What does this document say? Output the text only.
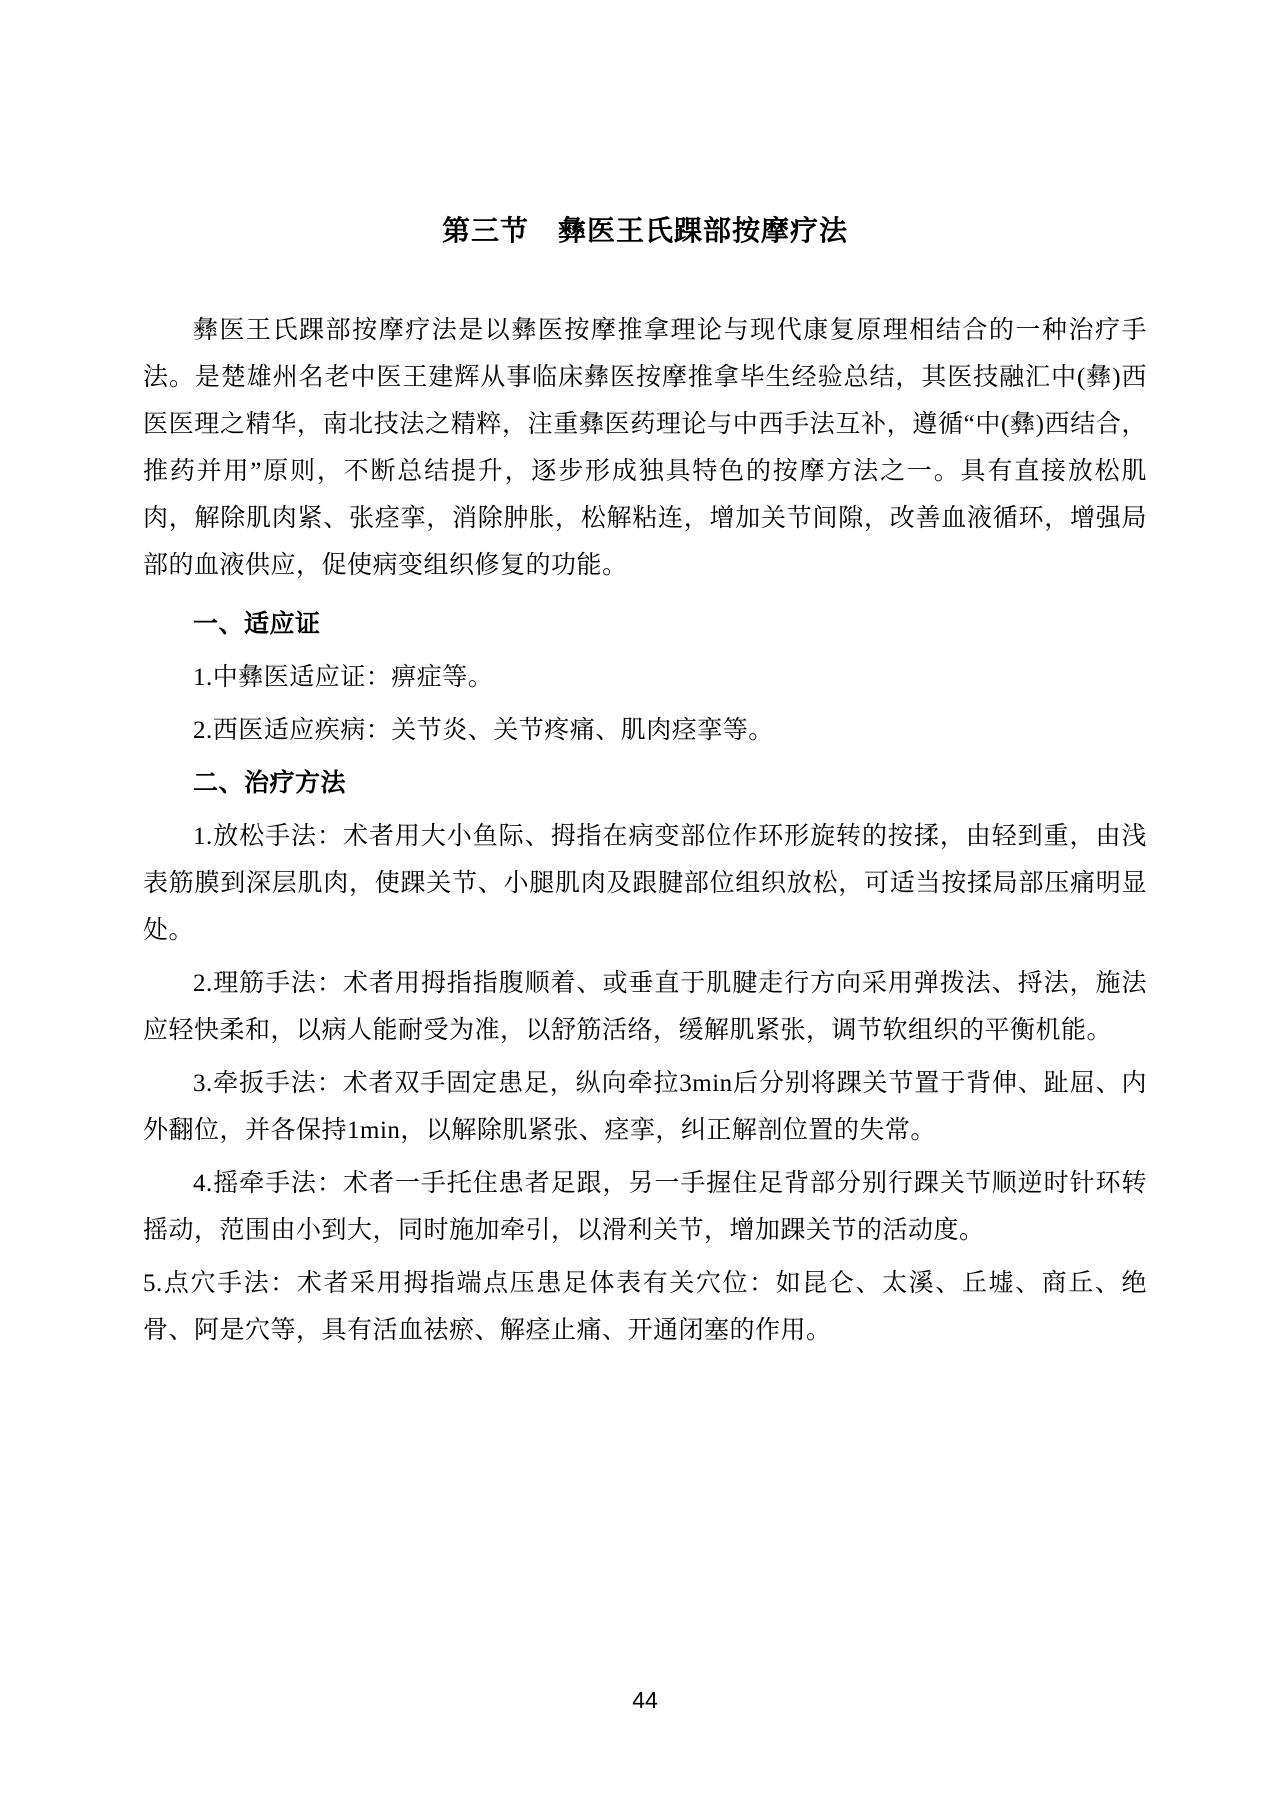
第三节　彝医王氏踝部按摩疗法

彝医王氏踝部按摩疗法是以彝医按摩推拿理论与现代康复原理相结合的一种治疗手法。是楚雄州名老中医王建辉从事临床彝医按摩推拿毕生经验总结，其医技融汇中(彝)西医医理之精华，南北技法之精粹，注重彝医药理论与中西手法互补，遵循“中(彝)西结合，推药并用”原则，不断总结提升，逐步形成独具特色的按摩方法之一。具有直接放松肌肉，解除肌肉紧、张痉挛，消除肿胀，松解粘连，增加关节间隙，改善血液循环，增强局部的血液供应，促使病变组织修复的功能。

一、适应证

1.中彝医适应证：痹症等。

2.西医适应疾病：关节炎、关节疼痛、肌肉痉挛等。

二、治疗方法

1.放松手法：术者用大小鱼际、拇指在病变部位作环形旋转的按揉，由轻到重，由浅表筋膜到深层肌肉，使踝关节、小腿肌肉及跟腱部位组织放松，可适当按揉局部压痛明显处。

2.理筋手法：术者用拇指指腹顺着、或垂直于肌腱走行方向采用弹拨法、捋法，施法应轻快柔和，以病人能耐受为准，以舒筋活络，缓解肌紧张，调节软组织的平衡机能。

3.牵扳手法：术者双手固定患足，纵向牵拉3min后分别将踝关节置于背伸、趾屈、内外翻位，并各保持1min，以解除肌紧张、痉挛，纠正解剖位置的失常。

4.摇牵手法：术者一手托住患者足跟，另一手握住足背部分别行踝关节顺逆时针环转摇动，范围由小到大，同时施加牵引，以滑利关节，增加踝关节的活动度。

5.点穴手法：术者采用拇指端点压患足体表有关穴位：如昆仑、太溪、丘墟、商丘、绝骨、阿是穴等，具有活血祛瘀、解痉止痛、开通闭塞的作用。

44
